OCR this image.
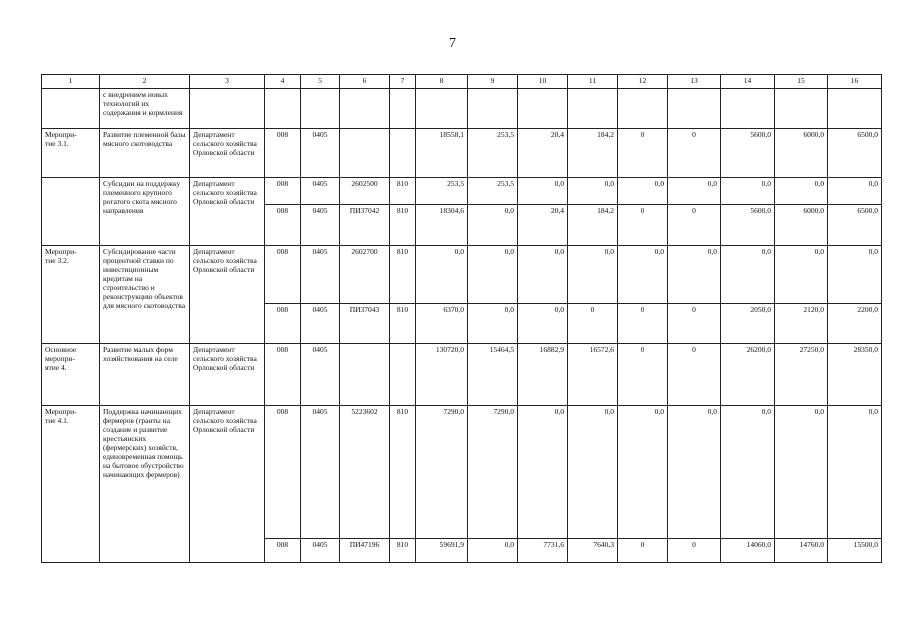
7
1	2	3	4	5	6	7	8	9	10	11	12	13	14	15	16
	с внедрением новых технологий их содержания и кормления														
Меропри-
тие 3.1.	Развитие племенной базы мясного скотоводства	Департамент сельского хозяйства Орловской области	008	0405			18558,1	253,5	20,4	184,2	0	0	5600,0	6000,0	6500,0
	Субсидии на поддержку племенного крупного рогатого скота мясного направления	Департамент сельского хозяйства Орловской области	008	0405	2602500	810	253,5	253,5	0,0	0,0	0,0	0,0	0,0	0,0	0,0
			008	0405	ПИ37042	810	18304,6	0,0	20,4	184,2	0	0	5600,0	6000,0	6500,0
Меропри-
тие 3.2.	Субсидирование части процентной ставки по инвестиционным кредитам на строительство и реконструкцию объектов для мясного скотоводства	Департамент сельского хозяйства Орловской области	008	0405	2602700	810	0,0	0,0	0,0	0,0	0,0	0,0	0,0	0,0	0,0
			008	0405	ПИ37043	810	6370,0	0,0	0,0	0	0	0	2050,0	2120,0	2200,0
Основное меропри-
ятие 4.	Развитие малых форм хозяйствования на селе	Департамент сельского хозяйства Орловской области	008	0405			130720,0	15464,5	16882,9	16572,6	0	0	26200,0	27250,0	28350,0
Меропри-
тие 4.1.	Поддержка начинающих фермеров (гранты на создание и развитие крестьянских (фермерских) хозяйств, единовременная помощь на бытовое обустройство начинающих фермеров)	Департамент сельского хозяйства Орловской области	008	0405	5223602	810	7290,0	7290,0	0,0	0,0	0,0	0,0	0,0	0,0	0,0
			008	0405	ПИ47196	810	59691,9	0,0	7731,6	7640,3	0	0	14060,0	14760,0	15500,0
